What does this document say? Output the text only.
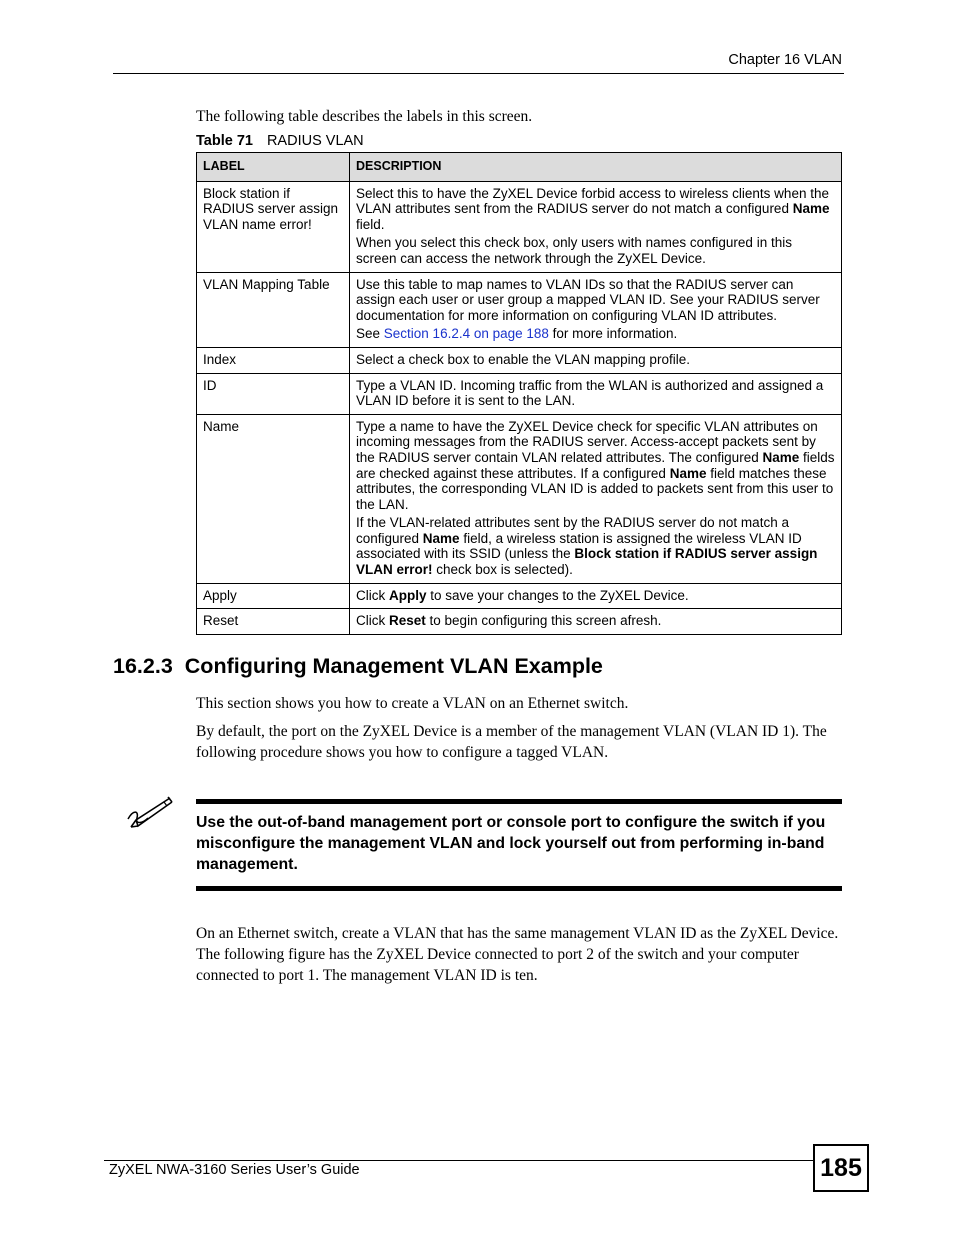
Chapter 16 VLAN
The following table describes the labels in this screen.
Table 71 RADIUS VLAN
LABEL	DESCRIPTION
Block station if RADIUS server assign VLAN name error!	Select this to have the ZyXEL Device forbid access to wireless clients when the VLAN attributes sent from the RADIUS server do not match a configured Name field.

When you select this check box, only users with names configured in this screen can access the network through the ZyXEL Device.

VLAN Mapping Table	Use this table to map names to VLAN IDs so that the RADIUS server can assign each user or user group a mapped VLAN ID. See your RADIUS server documentation for more information on configuring VLAN ID attributes.

See Section 16.2.4 on page 188 for more information.

Index	Select a check box to enable the VLAN mapping profile.

ID	Type a VLAN ID. Incoming traffic from the WLAN is authorized and assigned a VLAN ID before it is sent to the LAN.

Name	Type a name to have the ZyXEL Device check for specific VLAN attributes on incoming messages from the RADIUS server. Access-accept packets sent by the RADIUS server contain VLAN related attributes. The configured Name fields are checked against these attributes. If a configured Name field matches these attributes, the corresponding VLAN ID is added to packets sent from this user to the LAN.

If the VLAN-related attributes sent by the RADIUS server do not match a configured Name field, a wireless station is assigned the wireless VLAN ID associated with its SSID (unless the Block station if RADIUS server assign VLAN error! check box is selected).

Apply	Click Apply to save your changes to the ZyXEL Device.

Reset	Click Reset to begin configuring this screen afresh.

16.2.3 Configuring Management VLAN Example

This section shows you how to create a VLAN on an Ethernet switch.

By default, the port on the ZyXEL Device is a member of the management VLAN (VLAN ID 1). The following procedure shows you how to configure a tagged VLAN.

Use the out-of-band management port or console port to configure the switch if you misconfigure the management VLAN and lock yourself out from performing in-band management.

On an Ethernet switch, create a VLAN that has the same management VLAN ID as the ZyXEL Device. The following figure has the ZyXEL Device connected to port 2 of the switch and your computer connected to port 1. The management VLAN ID is ten.

ZyXEL NWA-3160 Series User’s Guide	185
